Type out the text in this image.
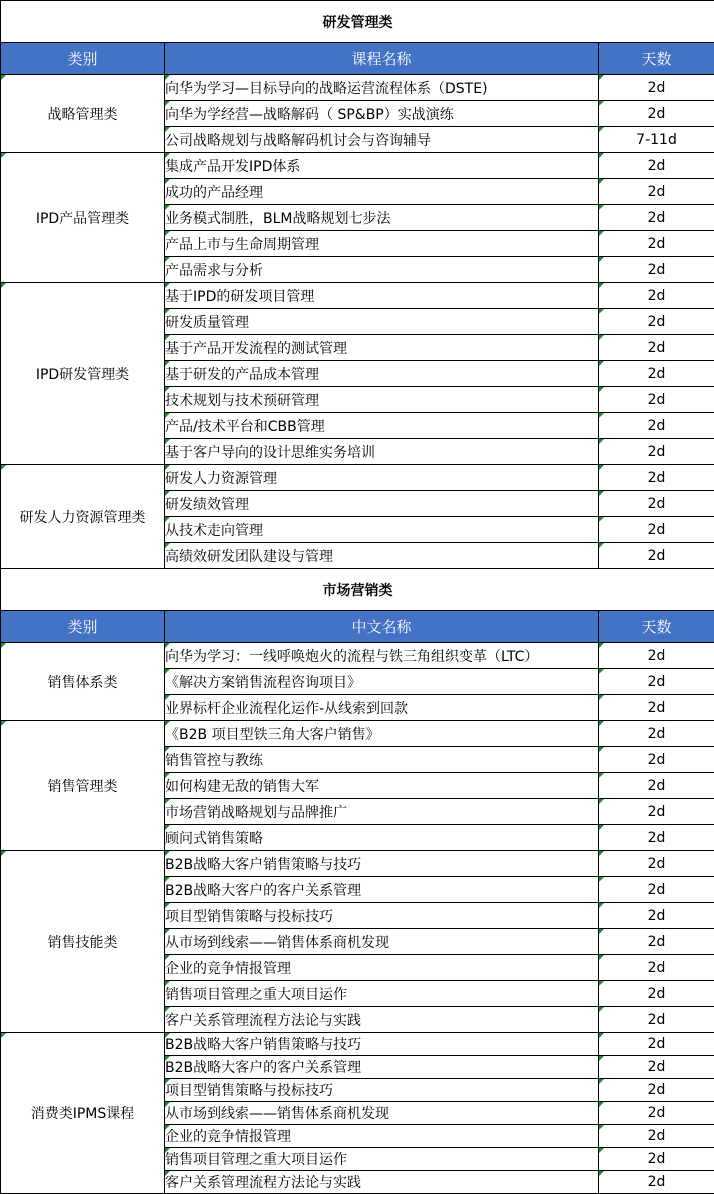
研发管理类		
类别	课程名称	天数
战略管理类	向华为学习—目标导向的战略运营流程体系（DSTE)	2d
	向华为学经营—战略解码（ SP&BP）实战演练	2d
	公司战略规划与战略解码机讨会与咨询辅导	7-11d
IPD产品管理类	集成产品开发IPD体系	2d
	成功的产品经理	2d
	业务模式制胜，BLM战略规划七步法	2d
	产品上市与生命周期管理	2d
	产品需求与分析	2d
IPD研发管理类	基于IPD的研发项目管理	2d
	研发质量管理	2d
	基于产品开发流程的测试管理	2d
	基于研发的产品成本管理	2d
	技术规划与技术预研管理	2d
	产品/技术平台和CBB管理	2d
	基于客户导向的设计思维实务培训	2d
研发人力资源管理类	研发人力资源管理	2d
	研发绩效管理	2d
	从技术走向管理	2d
	高绩效研发团队建设与管理	2d
市场营销类		
类别	中文名称	天数
销售体系类	向华为学习：一线呼唤炮火的流程与铁三角组织变革（LTC）	2d
	《解决方案销售流程咨询项目》	2d
	业界标杆企业流程化运作-从线索到回款	2d
销售管理类	《B2B 项目型铁三角大客户销售》	2d
	销售管控与教练	2d
	如何构建无敌的销售大军	2d
	市场营销战略规划与品牌推广	2d
	顾问式销售策略	2d
销售技能类	B2B战略大客户销售策略与技巧	2d
	B2B战略大客户的客户关系管理	2d
	项目型销售策略与投标技巧	2d
	从市场到线索——销售体系商机发现	2d
	企业的竞争情报管理	2d
	销售项目管理之重大项目运作	2d
	客户关系管理流程方法论与实践	2d
消费类IPMS课程	B2B战略大客户销售策略与技巧	2d
	B2B战略大客户的客户关系管理	2d
	项目型销售策略与投标技巧	2d
	从市场到线索——销售体系商机发现	2d
	企业的竞争情报管理	2d
	销售项目管理之重大项目运作	2d
	客户关系管理流程方法论与实践	2d
